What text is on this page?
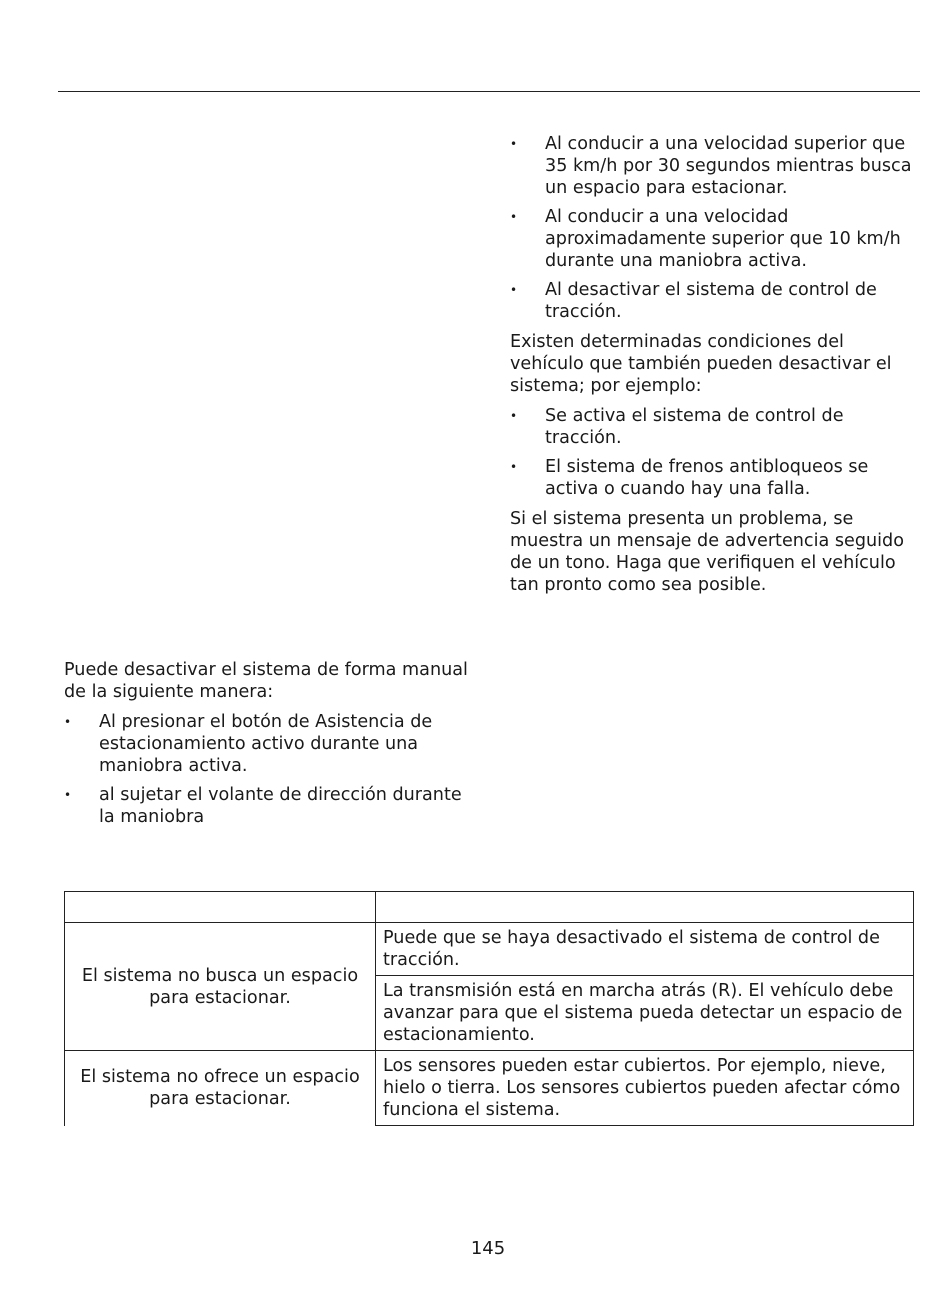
• Al conducir a una velocidad superior que 35 km/h por 30 segundos mientras busca un espacio para estacionar.
• Al conducir a una velocidad aproximadamente superior que 10 km/h durante una maniobra activa.
• Al desactivar el sistema de control de tracción.

Existen determinadas condiciones del vehículo que también pueden desactivar el sistema; por ejemplo:

• Se activa el sistema de control de tracción.
• El sistema de frenos antibloqueos se activa o cuando hay una falla.

Si el sistema presenta un problema, se muestra un mensaje de advertencia seguido de un tono. Haga que verifiquen el vehículo tan pronto como sea posible.

Puede desactivar el sistema de forma manual de la siguiente manera:

• Al presionar el botón de Asistencia de estacionamiento activo durante una maniobra activa.
• al sujetar el volante de dirección durante la maniobra

El sistema no busca un espacio para estacionar.	Puede que se haya desactivado el sistema de control de tracción.
	La transmisión está en marcha atrás (R). El vehículo debe avanzar para que el sistema pueda detectar un espacio de estacionamiento.
El sistema no ofrece un espacio para estacionar.	Los sensores pueden estar cubiertos. Por ejemplo, nieve, hielo o tierra. Los sensores cubiertos pueden afectar cómo funciona el sistema.
145
